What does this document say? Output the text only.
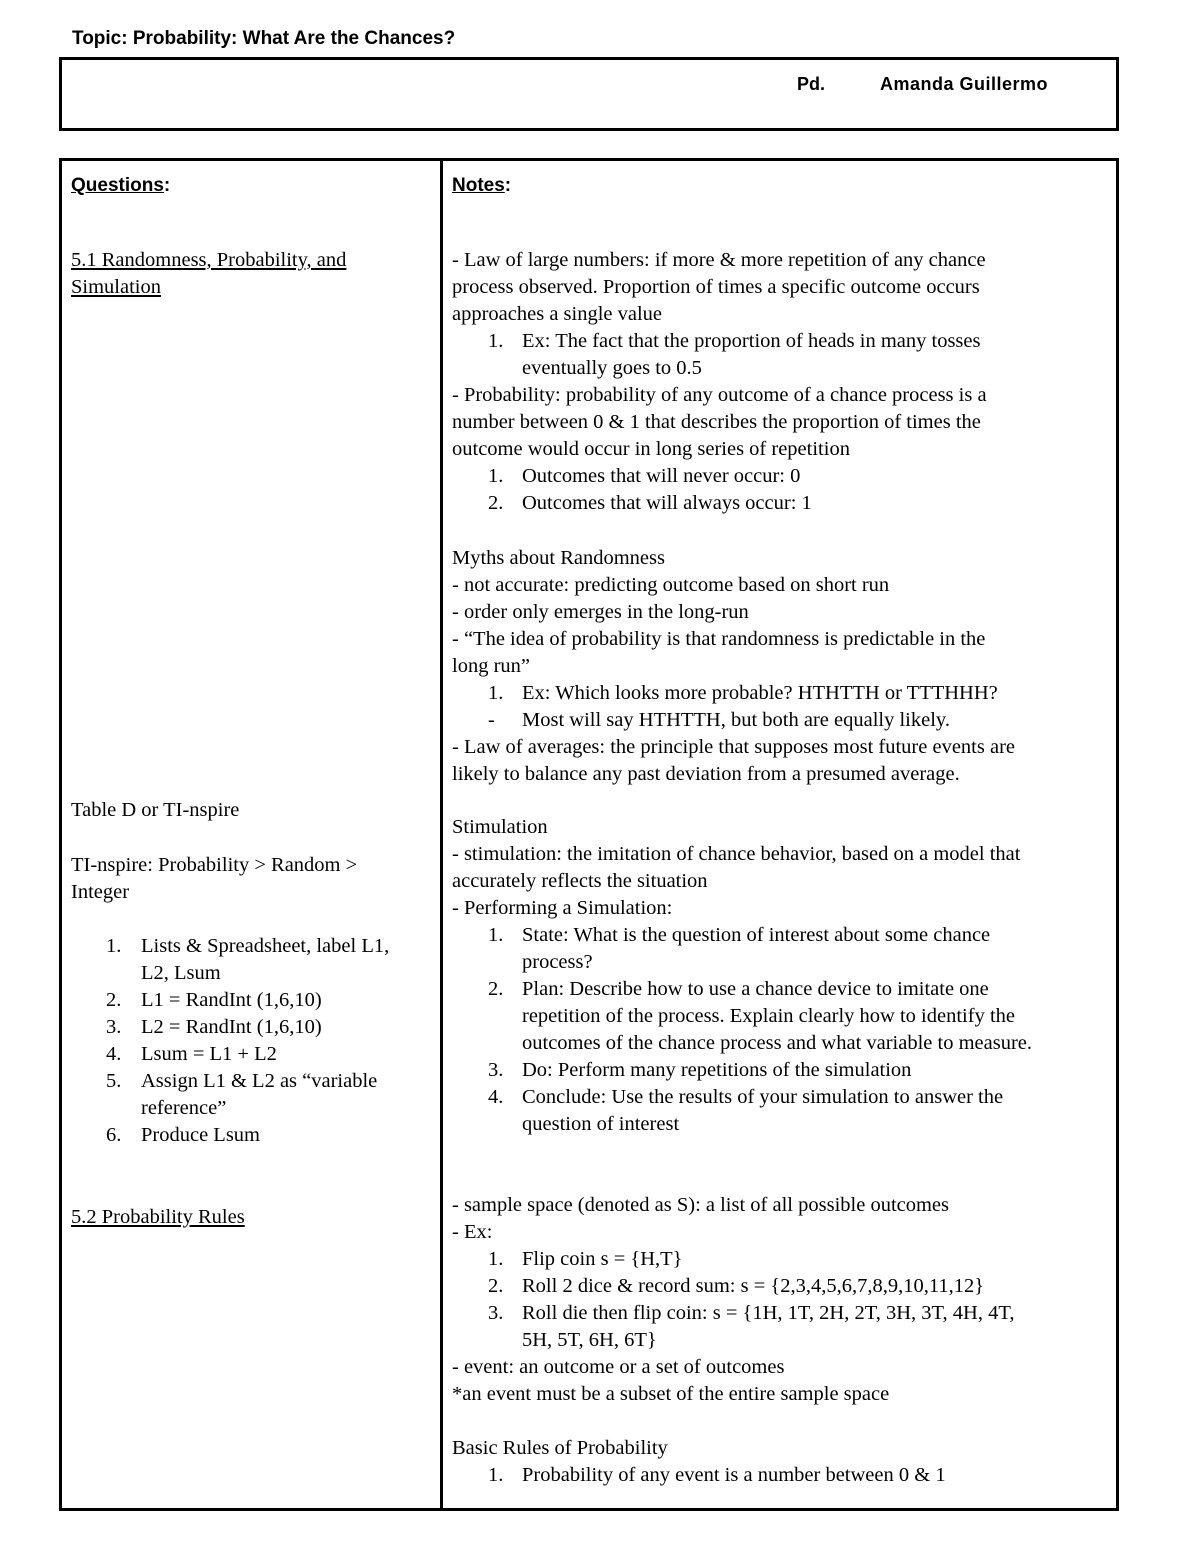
Topic: Probability: What Are the Chances?
Pd.	Amanda Guillermo
Questions:	Notes:
5.1 Randomness, Probability, and
Simulation
Table D or TI-nspire
TI-nspire: Probability > Random >
Integer
1. Lists & Spreadsheet, label L1,
L2, Lsum
2. L1 = RandInt (1,6,10)
3. L2 = RandInt (1,6,10)
4. Lsum = L1 + L2
5. Assign L1 & L2 as “variable
reference”
6. Produce Lsum
5.2 Probability Rules
- Law of large numbers: if more & more repetition of any chance
process observed. Proportion of times a specific outcome occurs
approaches a single value
1. Ex: The fact that the proportion of heads in many tosses
eventually goes to 0.5
- Probability: probability of any outcome of a chance process is a
number between 0 & 1 that describes the proportion of times the
outcome would occur in long series of repetition
1. Outcomes that will never occur: 0
2. Outcomes that will always occur: 1
Myths about Randomness
- not accurate: predicting outcome based on short run
- order only emerges in the long-run
- “The idea of probability is that randomness is predictable in the
long run”
1. Ex: Which looks more probable? HTHTTH or TTTHHH?
- Most will say HTHTTH, but both are equally likely.
- Law of averages: the principle that supposes most future events are
likely to balance any past deviation from a presumed average.
Stimulation
- stimulation: the imitation of chance behavior, based on a model that
accurately reflects the situation
- Performing a Simulation:
1. State: What is the question of interest about some chance
process?
2. Plan: Describe how to use a chance device to imitate one
repetition of the process. Explain clearly how to identify the
outcomes of the chance process and what variable to measure.
3. Do: Perform many repetitions of the simulation
4. Conclude: Use the results of your simulation to answer the
question of interest
- sample space (denoted as S): a list of all possible outcomes
- Ex:
1. Flip coin s = {H,T}
2. Roll 2 dice & record sum: s = {2,3,4,5,6,7,8,9,10,11,12}
3. Roll die then flip coin: s = {1H, 1T, 2H, 2T, 3H, 3T, 4H, 4T,
5H, 5T, 6H, 6T}
- event: an outcome or a set of outcomes
*an event must be a subset of the entire sample space
Basic Rules of Probability
1. Probability of any event is a number between 0 & 1
